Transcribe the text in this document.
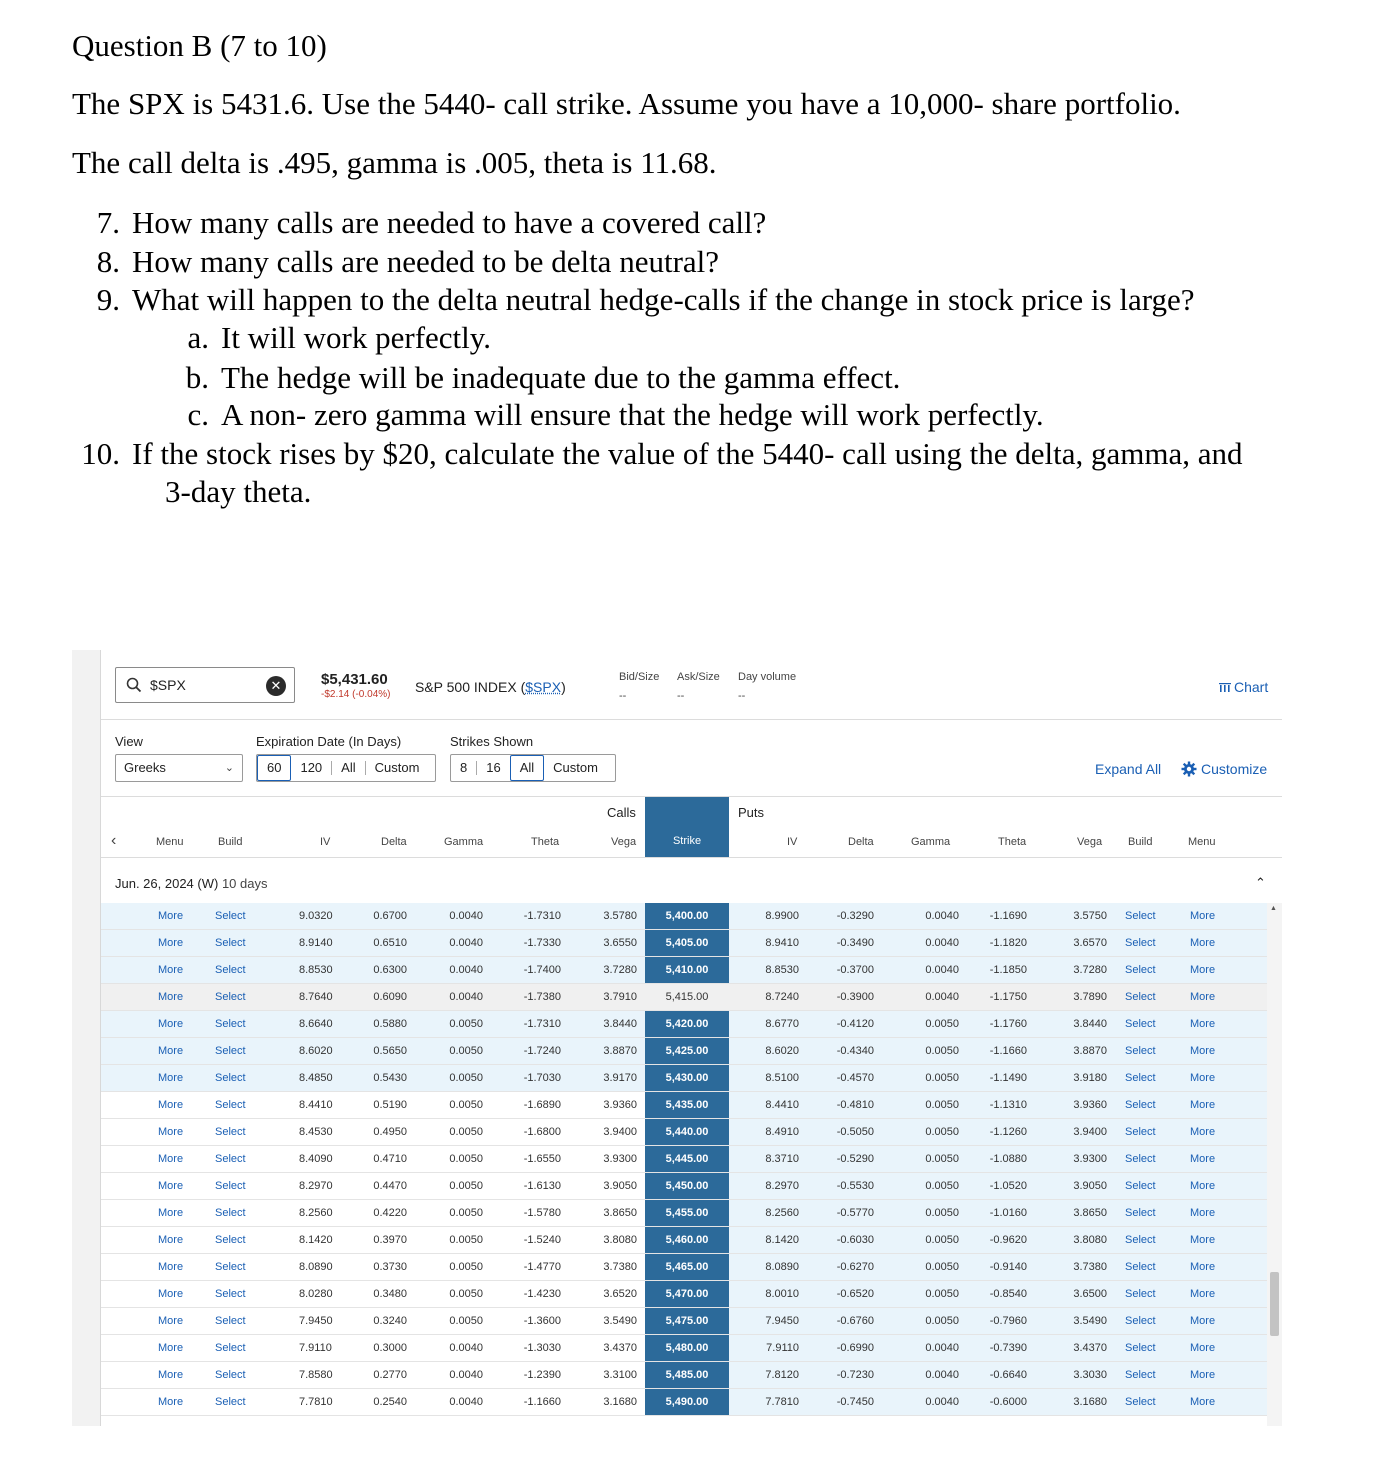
Question B (7 to 10)
The SPX is 5431.6. Use the 5440- call strike. Assume you have a 10,000- share portfolio.
The call delta is .495, gamma is .005, theta is 11.68.
7. How many calls are needed to have a covered call?
8. How many calls are needed to be delta neutral?
9. What will happen to the delta neutral hedge-calls if the change in stock price is large?
a. It will work perfectly.
b. The hedge will be inadequate due to the gamma effect.
c. A non- zero gamma will ensure that the hedge will work perfectly.
10. If the stock rises by $20, calculate the value of the 5440- call using the delta, gamma, and
3-day theta.
$SPX	✕	$5,431.60
-$2.14 (-0.04%) S&P 500 INDEX ($SPX)
Bid/Size Ask/Size Day volume
--	--	--
Chart
View
Greeks	⌄
Expiration Date (In Days)
60	120	All	Custom
Strikes Shown
8	16	All	Custom	Expand All	Customize
Strike
Calls	Puts
‹	Menu	Build	IV	Delta	Gamma	Theta	Vega	IV	Delta	Gamma	Theta	Vega Build	Menu
Jun. 26, 2024 (W) 10 days	⌃
More	Select	9.0320	0.6700	0.0040	-1.7310	3.5780	5,400.00	8.9900	-0.3290	0.0040	-1.1690	3.5750 Select	More
More	Select	8.9140	0.6510	0.0040	-1.7330	3.6550	5,405.00	8.9410	-0.3490	0.0040	-1.1820	3.6570 Select	More
More	Select	8.8530	0.6300	0.0040	-1.7400	3.7280	5,410.00	8.8530	-0.3700	0.0040	-1.1850	3.7280 Select	More
More	Select	8.7640	0.6090	0.0040	-1.7380	3.7910	5,415.00	8.7240	-0.3900	0.0040	-1.1750	3.7890 Select	More
More	Select	8.6640	0.5880	0.0050	-1.7310	3.8440	5,420.00	8.6770	-0.4120	0.0050	-1.1760	3.8440 Select	More
More	Select	8.6020	0.5650	0.0050	-1.7240	3.8870	5,425.00	8.6020	-0.4340	0.0050	-1.1660	3.8870 Select	More
More	Select	8.4850	0.5430	0.0050	-1.7030	3.9170	5,430.00	8.5100	-0.4570	0.0050	-1.1490	3.9180 Select	More
More	Select	8.4410	0.5190	0.0050	-1.6890	3.9360	5,435.00	8.4410	-0.4810	0.0050	-1.1310	3.9360 Select	More
More	Select	8.4530	0.4950	0.0050	-1.6800	3.9400	5,440.00	8.4910	-0.5050	0.0050	-1.1260	3.9400 Select	More
More	Select	8.4090	0.4710	0.0050	-1.6550	3.9300	5,445.00	8.3710	-0.5290	0.0050	-1.0880	3.9300 Select	More
More	Select	8.2970	0.4470	0.0050	-1.6130	3.9050	5,450.00	8.2970	-0.5530	0.0050	-1.0520	3.9050 Select	More
More	Select	8.2560	0.4220	0.0050	-1.5780	3.8650	5,455.00	8.2560	-0.5770	0.0050	-1.0160	3.8650 Select	More
More	Select	8.1420	0.3970	0.0050	-1.5240	3.8080	5,460.00	8.1420	-0.6030	0.0050	-0.9620	3.8080 Select	More
More	Select	8.0890	0.3730	0.0050	-1.4770	3.7380	5,465.00	8.0890	-0.6270	0.0050	-0.9140	3.7380 Select	More
More	Select	8.0280	0.3480	0.0050	-1.4230	3.6520	5,470.00	8.0010	-0.6520	0.0050	-0.8540	3.6500 Select	More
More	Select	7.9450	0.3240	0.0050	-1.3600	3.5490	5,475.00	7.9450	-0.6760	0.0050	-0.7960	3.5490 Select	More
More	Select	7.9110	0.3000	0.0040	-1.3030	3.4370	5,480.00	7.9110	-0.6990	0.0040	-0.7390	3.4370 Select	More
More	Select	7.8580	0.2770	0.0040	-1.2390	3.3100	5,485.00	7.8120	-0.7230	0.0040	-0.6640	3.3030 Select	More
More	Select	7.7810	0.2540	0.0040	-1.1660	3.1680	5,490.00	7.7810	-0.7450	0.0040	-0.6000	3.1680 Select	More
▲
